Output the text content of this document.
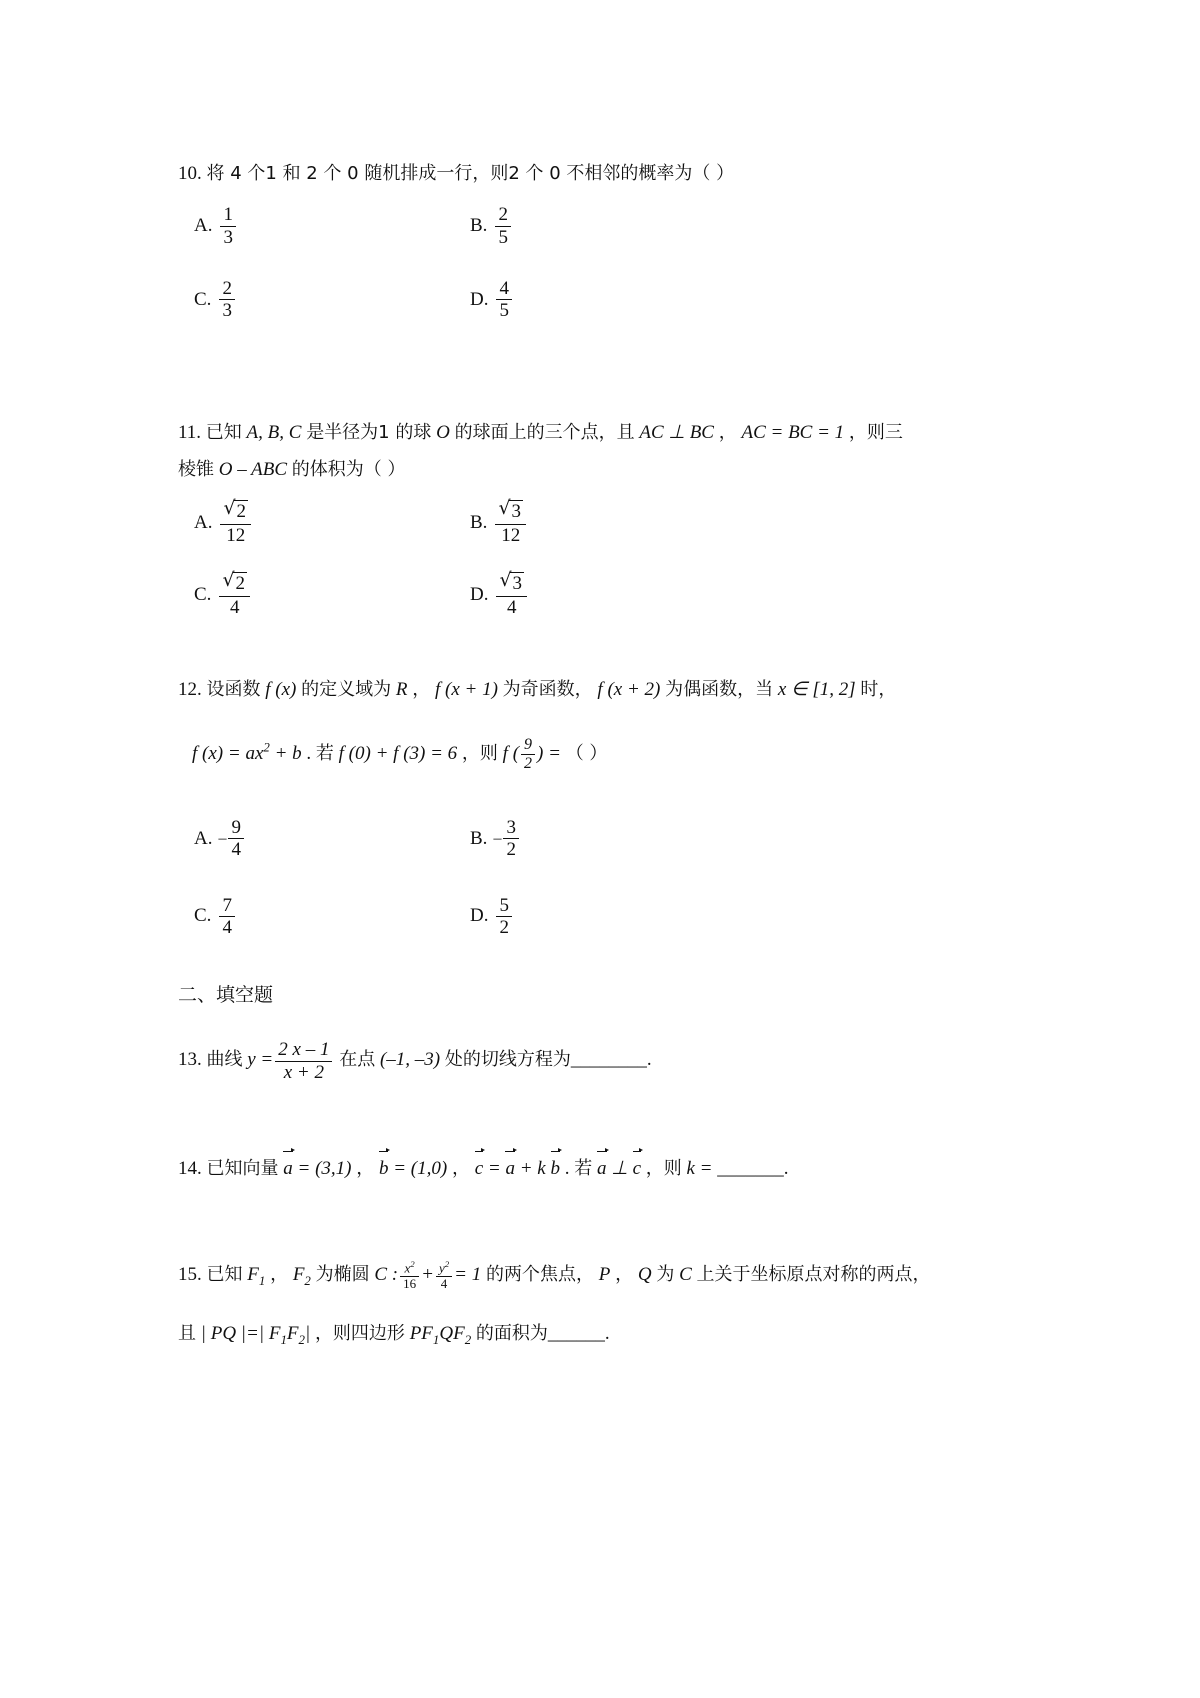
10. 将 4 个1 和 2 个 0 随机排成一行，则2 个 0 不相邻的概率为（ ）
A. $\frac{1}{3}$	B. $\frac{2}{5}$
C. $\frac{2}{3}$	D. $\frac{4}{5}$
11. 已知 A, B, C 是半径为1 的球 O 的球面上的三个点，且 AC ⊥ BC ， AC = BC = 1 ，则三
棱锥 O – ABC 的体积为（ ）
A. √ $\frac{2}{12}$	B. √ $\frac{3}{12}$
C. √ $\frac{2}{4}$	D. √ $\frac{3}{4}$
12. 设函数 f (x) 的定义域为 R ， f (x + 1) 为奇函数， f (x + 2) 为偶函数，当 x ∈ [1, 2] 时，
f $(x) = ax^2 + b$ . 若 f (0) + f (3) = 6 ，则 f ( $\frac{9}{2}$ ) = （ ）
A. – $\frac{9}{4}$	B. – $\frac{3}{2}$
C. $\frac{7}{4}$	D. $\frac{5}{2}$
二、填空题
13. 曲线 $y = \frac{2 x - 1}{x + 2}$ 在点 (–1, –3) 处的切线方程为________.
14. 已知向量 a = (3,1) ， b = (1,0) ， c = a + k b . 若 a ⊥ c ，则 k = _______.
15. 已知 $F_1$ ， $F_2$ 为椭圆 C : $\frac{x^2}{16} + \frac{y^2}{4} = 1$ 的两个焦点， P ， Q 为 C 上关于坐标原点对称的两点，
且 | PQ |=| $F_1F_2|$ ，则四边形 $PF_1QF_2$ 的面积为______.
